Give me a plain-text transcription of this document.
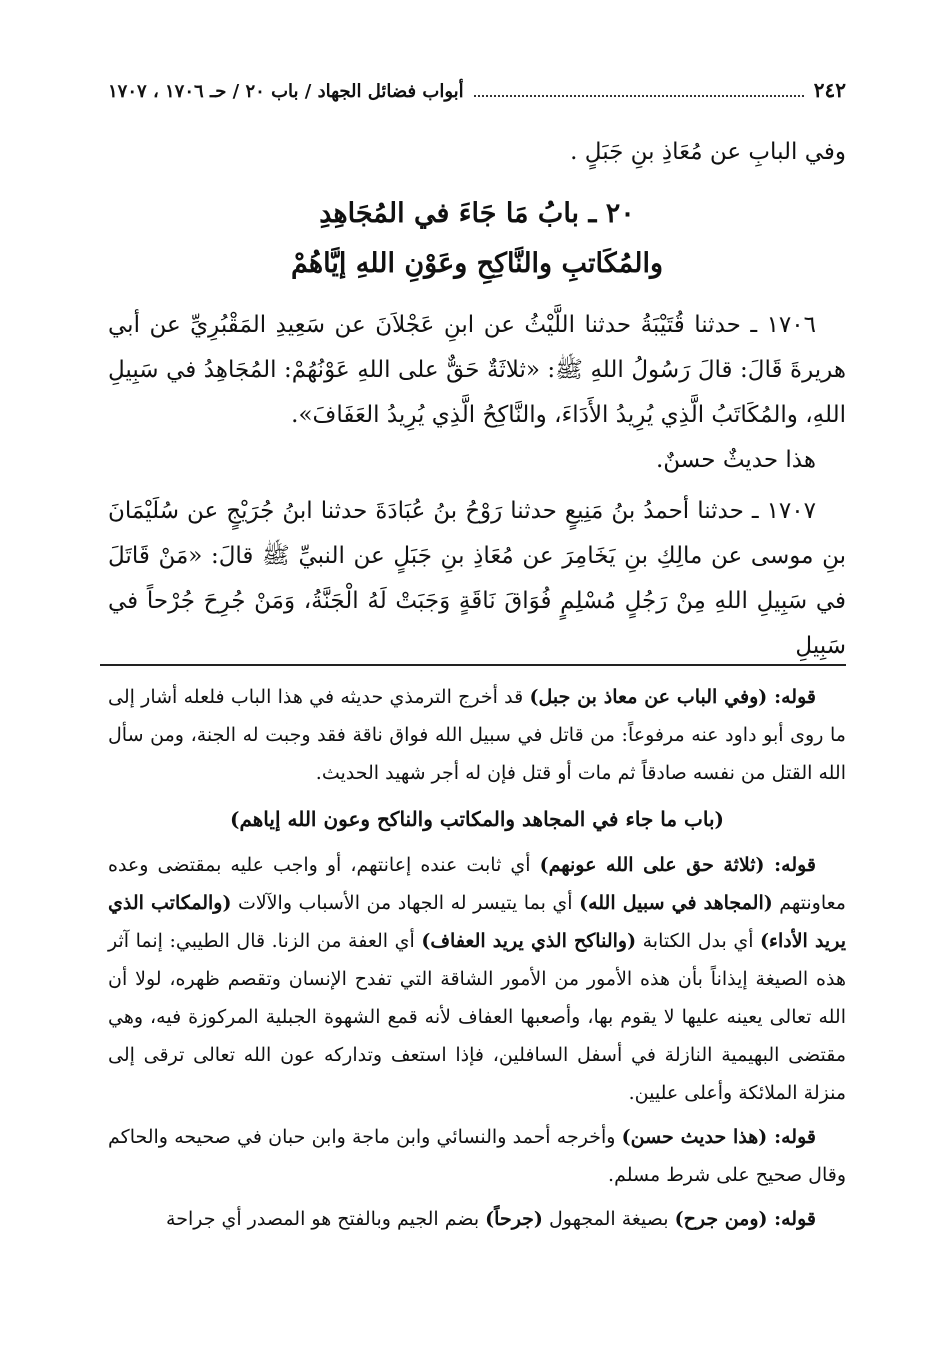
٢٤٢
أبواب فضائل الجهاد / باب ٢٠ / حـ ١٧٠٦ ، ١٧٠٧

وفي البابِ عن مُعَاذِ بنِ جَبَلٍ .

٢٠ ـ بابُ مَا جَاءَ في المُجَاهِدِ
والمُكَاتبِ والنَّاكِحِ وعَوْنِ اللهِ إيَّاهُمْ

١٧٠٦ ـ حدثنا قُتَيْبَةُ حدثنا اللَّيْثُ عن ابنِ عَجْلاَنَ عن سَعِيدِ المَقْبُرِيِّ عن أبي هريرةَ قَالَ: قالَ رَسُولُ اللهِ ﷺ: «ثلاثَةٌ حَقٌّ على اللهِ عَوْنُهُمْ: المُجَاهِدُ في سَبِيلِ اللهِ، والمُكَاتَبُ الَّذِي يُرِيدُ الأَدَاءَ، والنَّاكِحُ الَّذِي يُرِيدُ العَفَافَ».

هذا حديثٌ حسنٌ.

١٧٠٧ ـ حدثنا أحمدُ بنُ مَنِيعٍ حدثنا رَوْحُ بنُ عُبَادَةَ حدثنا ابنُ جُرَيْجٍ عن سُلَيْمَانَ بنِ موسى عن مالِكِ بنِ يَخَامِرَ عن مُعَاذِ بنِ جَبَلٍ عن النبيِّ ﷺ قالَ: «مَنْ قَاتَلَ في سَبِيلِ اللهِ مِنْ رَجُلٍ مُسْلِمٍ فُوَاقَ نَاقَةٍ وَجَبَتْ لَهُ الْجَنَّةُ، وَمَنْ جُرِحَ جُرْحاً في سَبِيلِ

قوله: (وفي الباب عن معاذ بن جبل) قد أخرج الترمذي حديثه في هذا الباب فلعله أشار إلى ما روى أبو داود عنه مرفوعاً: من قاتل في سبيل الله فواق ناقة فقد وجبت له الجنة، ومن سأل الله القتل من نفسه صادقاً ثم مات أو قتل فإن له أجر شهيد الحديث.

(باب ما جاء في المجاهد والمكاتب والناكح وعون الله إياهم)

قوله: (ثلاثة حق على الله عونهم) أي ثابت عنده إعانتهم، أو واجب عليه بمقتضى وعده معاونتهم (المجاهد في سبيل الله) أي بما يتيسر له الجهاد من الأسباب والآلات (والمكاتب الذي يريد الأداء) أي بدل الكتابة (والناكح الذي يريد العفاف) أي العفة من الزنا. قال الطيبي: إنما آثر هذه الصيغة إيذاناً بأن هذه الأمور من الأمور الشاقة التي تفدح الإنسان وتقصم ظهره، لولا أن الله تعالى يعينه عليها لا يقوم بها، وأصعبها العفاف لأنه قمع الشهوة الجبلية المركوزة فيه، وهي مقتضى البهيمية النازلة في أسفل السافلين، فإذا استعف وتداركه عون الله تعالى ترقى إلى منزلة الملائكة وأعلى عليين.

قوله: (هذا حديث حسن) وأخرجه أحمد والنسائي وابن ماجة وابن حبان في صحيحه والحاكم وقال صحيح على شرط مسلم.

قوله: (ومن جرح) بصيغة المجهول (جرحاً) بضم الجيم وبالفتح هو المصدر أي جراحة
